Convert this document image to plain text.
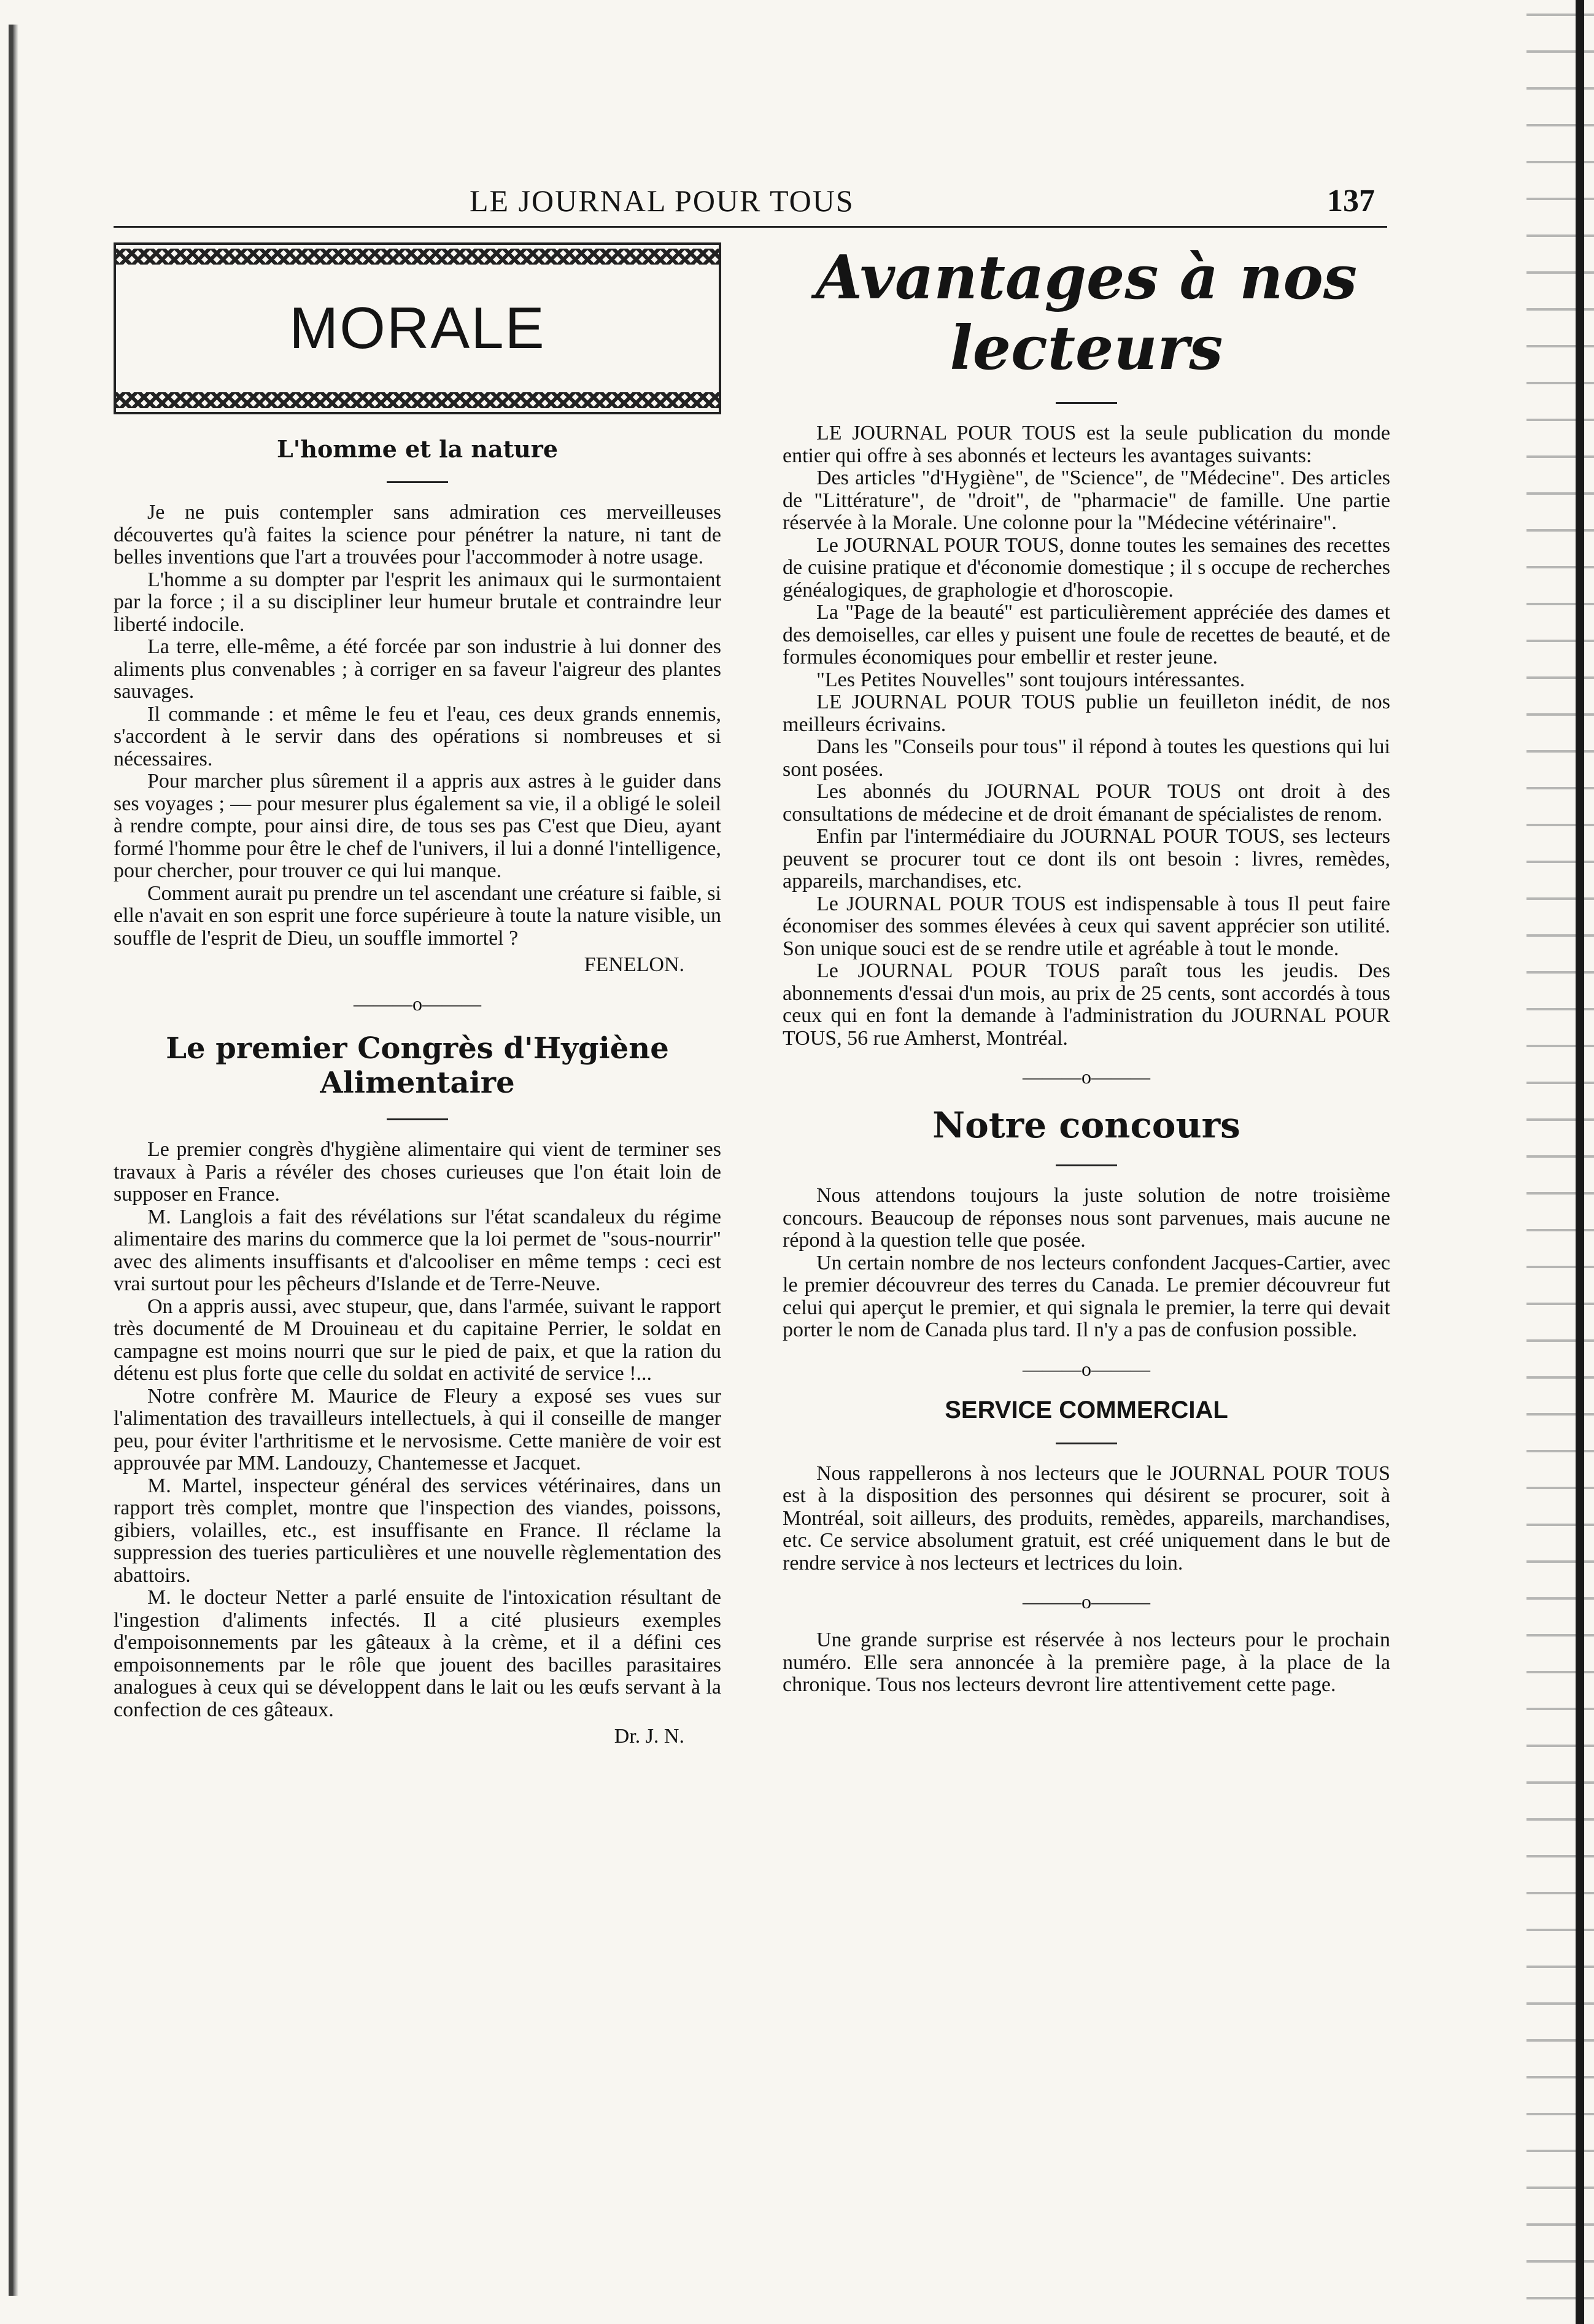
LE JOURNAL POUR TOUS	137
MORALE
L'homme et la nature

Je ne puis contempler sans admiration ces merveilleuses découvertes qu'à faites la science pour pénétrer la nature, ni tant de belles inventions que l'art a trouvées pour l'accommoder à notre usage.

L'homme a su dompter par l'esprit les animaux qui le surmontaient par la force ; il a su discipliner leur humeur brutale et contraindre leur liberté indocile.

La terre, elle-même, a été forcée par son industrie à lui donner des aliments plus convenables ; à corriger en sa faveur l'aigreur des plantes sauvages.

Il commande : et même le feu et l'eau, ces deux grands ennemis, s'accordent à le servir dans des opérations si nombreuses et si nécessaires.

Pour marcher plus sûrement il a appris aux astres à le guider dans ses voyages ; — pour mesurer plus également sa vie, il a obligé le soleil à rendre compte, pour ainsi dire, de tous ses pas C'est que Dieu, ayant formé l'homme pour être le chef de l'univers, il lui a donné l'intelligence, pour chercher, pour trouver ce qui lui manque.

Comment aurait pu prendre un tel ascendant une créature si faible, si elle n'avait en son esprit une force supérieure à toute la nature visible, un souffle de l'esprit de Dieu, un souffle immortel ?

FENELON.
———o———
Le premier Congrès d'Hygiène Alimentaire

Le premier congrès d'hygiène alimentaire qui vient de terminer ses travaux à Paris a révéler des choses curieuses que l'on était loin de supposer en France.

M. Langlois a fait des révélations sur l'état scandaleux du régime alimentaire des marins du commerce que la loi permet de "sous-nourrir" avec des aliments insuffisants et d'alcooliser en même temps : ceci est vrai surtout pour les pêcheurs d'Islande et de Terre-Neuve.

On a appris aussi, avec stupeur, que, dans l'armée, suivant le rapport très documenté de M Drouineau et du capitaine Perrier, le soldat en campagne est moins nourri que sur le pied de paix, et que la ration du détenu est plus forte que celle du soldat en activité de service !...

Notre confrère M. Maurice de Fleury a exposé ses vues sur l'alimentation des travailleurs intellectuels, à qui il conseille de manger peu, pour éviter l'arthritisme et le nervosisme. Cette manière de voir est approuvée par MM. Landouzy, Chantemesse et Jacquet.

M. Martel, inspecteur général des services vétérinaires, dans un rapport très complet, montre que l'inspection des viandes, poissons, gibiers, volailles, etc., est insuffisante en France. Il réclame la suppression des tueries particulières et une nouvelle règlementation des abattoirs.

M. le docteur Netter a parlé ensuite de l'intoxication résultant de l'ingestion d'aliments infectés. Il a cité plusieurs exemples d'empoisonnements par les gâteaux à la crème, et il a défini ces empoisonnements par le rôle que jouent des bacilles parasitaires analogues à ceux qui se développent dans le lait ou les œufs servant à la confection de ces gâteaux.

Dr. J. N.
Avantages à nos lecteurs

LE JOURNAL POUR TOUS est la seule publication du monde entier qui offre à ses abonnés et lecteurs les avantages suivants:

Des articles "d'Hygiène", de "Science", de "Médecine". Des articles de "Littérature", de "droit", de "pharmacie" de famille. Une partie réservée à la Morale. Une colonne pour la "Médecine vétérinaire".

Le JOURNAL POUR TOUS, donne toutes les semaines des recettes de cuisine pratique et d'économie domestique ; il s occupe de recherches généalogiques, de graphologie et d'horoscopie.

La "Page de la beauté" est particulièrement appréciée des dames et des demoiselles, car elles y puisent une foule de recettes de beauté, et de formules économiques pour embellir et rester jeune.

"Les Petites Nouvelles" sont toujours intéressantes.

LE JOURNAL POUR TOUS publie un feuilleton inédit, de nos meilleurs écrivains.

Dans les "Conseils pour tous" il répond à toutes les questions qui lui sont posées.

Les abonnés du JOURNAL POUR TOUS ont droit à des consultations de médecine et de droit émanant de spécialistes de renom.

Enfin par l'intermédiaire du JOURNAL POUR TOUS, ses lecteurs peuvent se procurer tout ce dont ils ont besoin : livres, remèdes, appareils, marchandises, etc.

Le JOURNAL POUR TOUS est indispensable à tous Il peut faire économiser des sommes élevées à ceux qui savent apprécier son utilité. Son unique souci est de se rendre utile et agréable à tout le monde.

Le JOURNAL POUR TOUS paraît tous les jeudis. Des abonnements d'essai d'un mois, au prix de 25 cents, sont accordés à tous ceux qui en font la demande à l'administration du JOURNAL POUR TOUS, 56 rue Amherst, Montréal.

———o———
Notre concours

Nous attendons toujours la juste solution de notre troisième concours. Beaucoup de réponses nous sont parvenues, mais aucune ne répond à la question telle que posée.

Un certain nombre de nos lecteurs confondent Jacques-Cartier, avec le premier découvreur des terres du Canada. Le premier découvreur fut celui qui aperçut le premier, et qui signala le premier, la terre qui devait porter le nom de Canada plus tard. Il n'y a pas de confusion possible.

———o———
SERVICE COMMERCIAL

Nous rappellerons à nos lecteurs que le JOURNAL POUR TOUS est à la disposition des personnes qui désirent se procurer, soit à Montréal, soit ailleurs, des produits, remèdes, appareils, marchandises, etc. Ce service absolument gratuit, est créé uniquement dans le but de rendre service à nos lecteurs et lectrices du loin.

———o———

Une grande surprise est réservée à nos lecteurs pour le prochain numéro. Elle sera annoncée à la première page, à la place de la chronique. Tous nos lecteurs devront lire attentivement cette page.
